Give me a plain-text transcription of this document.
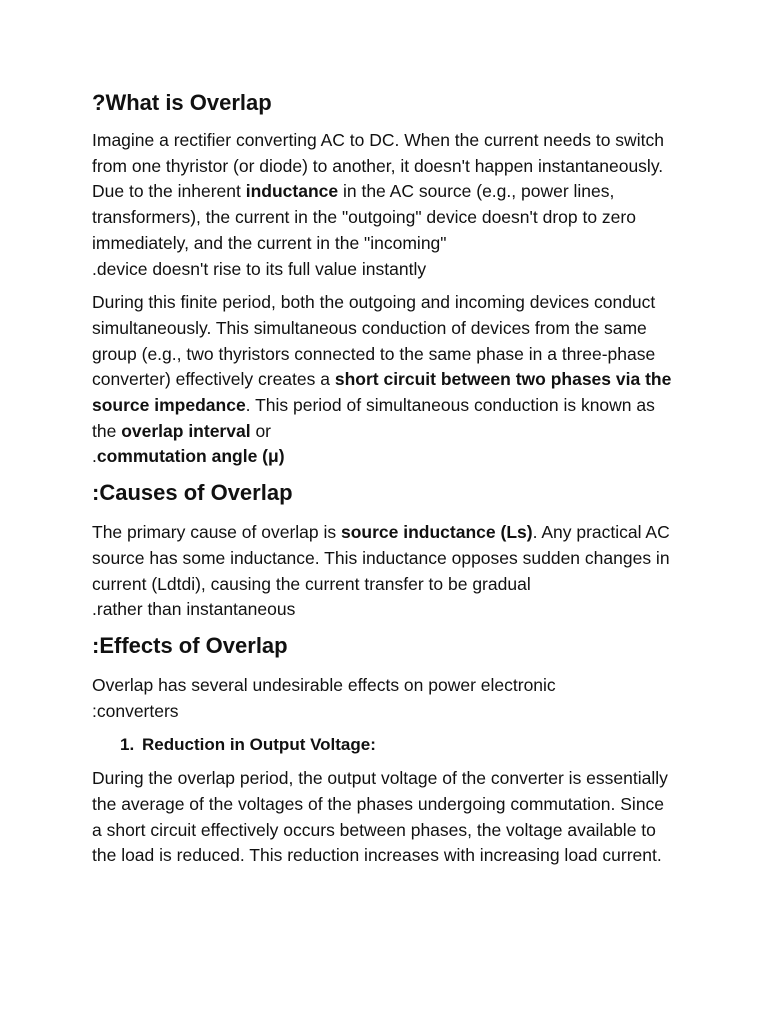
?What is Overlap

Imagine a rectifier converting AC to DC. When the current needs to switch from one thyristor (or diode) to another, it doesn't happen instantaneously. Due to the inherent inductance in the AC source (e.g., power lines, transformers), the current in the "outgoing" device doesn't drop to zero immediately, and the current in the "incoming"
.device doesn't rise to its full value instantly

During this finite period, both the outgoing and incoming devices conduct simultaneously. This simultaneous conduction of devices from the same group (e.g., two thyristors connected to the same phase in a three-phase converter) effectively creates a short circuit between two phases via the source impedance. This period of simultaneous conduction is known as the overlap interval or
.commutation angle (μ)

:Causes of Overlap

The primary cause of overlap is source inductance (Ls). Any practical AC source has some inductance. This inductance opposes sudden changes in current (Ldtdi), causing the current transfer to be gradual
.rather than instantaneous

:Effects of Overlap

Overlap has several undesirable effects on power electronic
:converters

1. Reduction in Output Voltage:

During the overlap period, the output voltage of the converter is essentially the average of the voltages of the phases undergoing commutation. Since a short circuit effectively occurs between phases, the voltage available to the load is reduced. This reduction increases with increasing load current.
